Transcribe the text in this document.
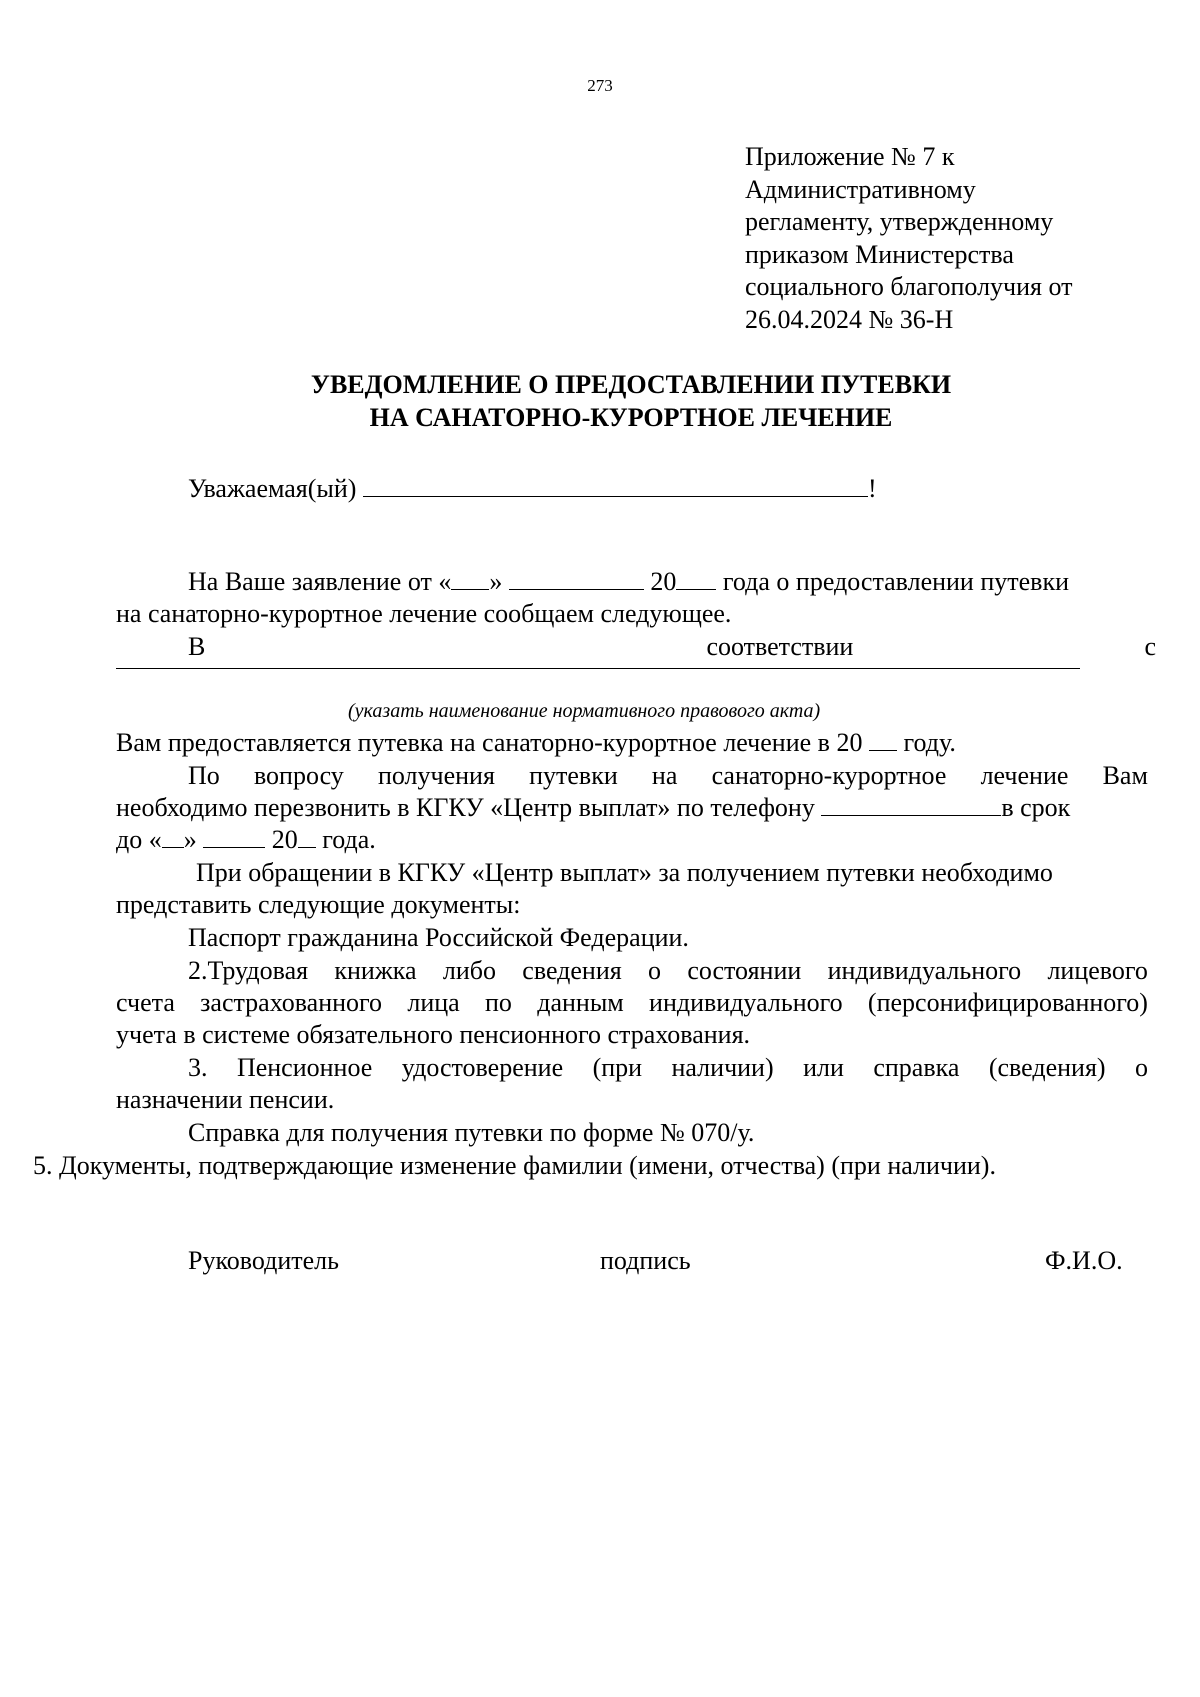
273
Приложение № 7 к
Административному
регламенту, утвержденному
приказом Министерства
социального благополучия от
26.04.2024 № 36-Н
УВЕДОМЛЕНИЕ О ПРЕДОСТАВЛЕНИИ ПУТЕВКИ
НА САНАТОРНО-КУРОРТНОЕ ЛЕЧЕНИЕ
Уважаемая(ый)	!
На Ваше заявление от « »	20 года о предоставлении путевки
на санаторно-курортное лечение сообщаем следующее.
В	соответствии	с
(указать наименование нормативного правового акта)
Вам предоставляется путевка на санаторно-курортное лечение в 20 году.
По вопросу получения путевки на санаторно-курортное лечение Вам
необходимо перезвонить в КГКУ «Центр выплат» по телефону	в срок
до « »	20 года.
При обращении в КГКУ «Центр выплат» за получением путевки необходимо
представить следующие документы:
Паспорт гражданина Российской Федерации.
2.Трудовая книжка либо сведения о состоянии индивидуального лицевого
счета застрахованного лица по данным индивидуального (персонифицированного)
учета в системе обязательного пенсионного страхования.
3. Пенсионное удостоверение (при наличии) или справка (сведения) о
назначении пенсии.
Справка для получения путевки по форме № 070/у.
5. Документы, подтверждающие изменение фамилии (имени, отчества) (при наличии).
Руководитель	подпись	Ф.И.О.
